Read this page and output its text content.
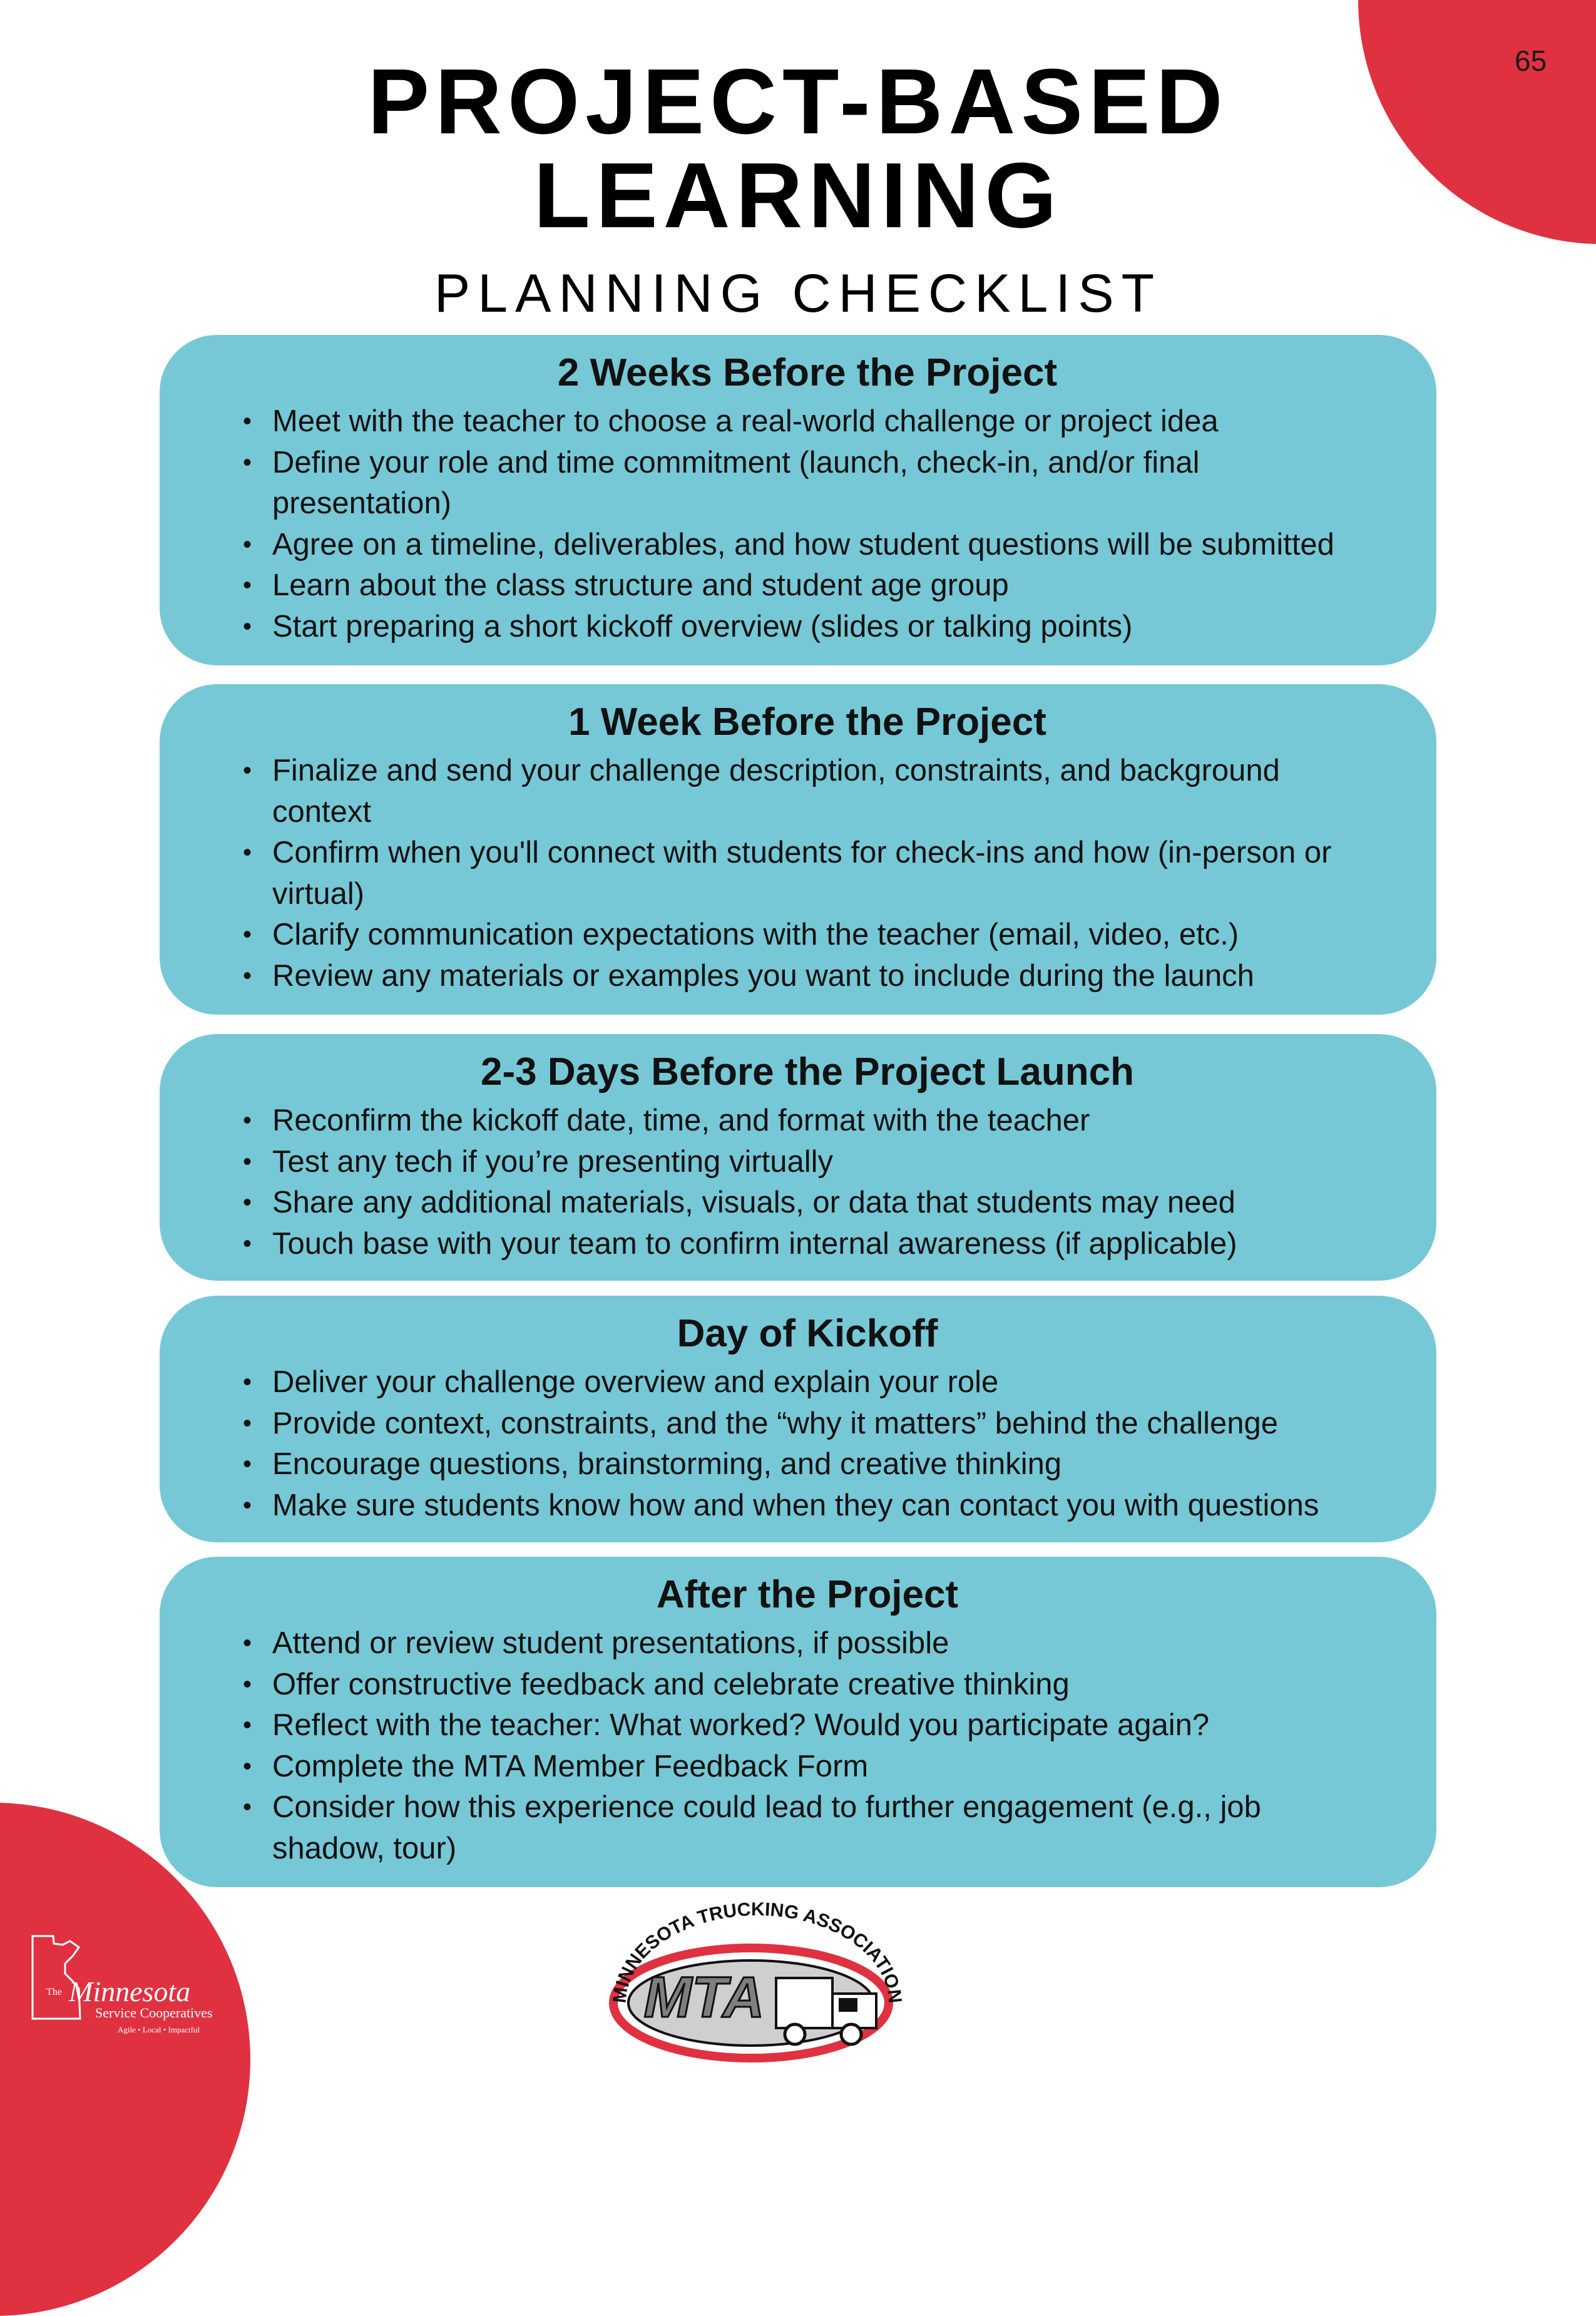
65
PROJECT-BASED
LEARNING
PLANNING CHECKLIST
2 Weeks Before the Project
• Meet with the teacher to choose a real-world challenge or project idea
• Define your role and time commitment (launch, check-in, and/or final presentation)
• Agree on a timeline, deliverables, and how student questions will be submitted
• Learn about the class structure and student age group
• Start preparing a short kickoff overview (slides or talking points)
1 Week Before the Project
• Finalize and send your challenge description, constraints, and background context
• Confirm when you'll connect with students for check-ins and how (in-person or virtual)
• Clarify communication expectations with the teacher (email, video, etc.)
• Review any materials or examples you want to include during the launch
2-3 Days Before the Project Launch
• Reconfirm the kickoff date, time, and format with the teacher
• Test any tech if you’re presenting virtually
• Share any additional materials, visuals, or data that students may need
• Touch base with your team to confirm internal awareness (if applicable)
Day of Kickoff
• Deliver your challenge overview and explain your role
• Provide context, constraints, and the “why it matters” behind the challenge
• Encourage questions, brainstorming, and creative thinking
• Make sure students know how and when they can contact you with questions
After the Project
• Attend or review student presentations, if possible
• Offer constructive feedback and celebrate creative thinking
• Reflect with the teacher: What worked? Would you participate again?
• Complete the MTA Member Feedback Form
• Consider how this experience could lead to further engagement (e.g., job shadow, tour)
The Minnesota
Service Cooperatives
Agile • Local • Impactful
MINNESOTA TRUCKING ASSOCIATION
MTA
